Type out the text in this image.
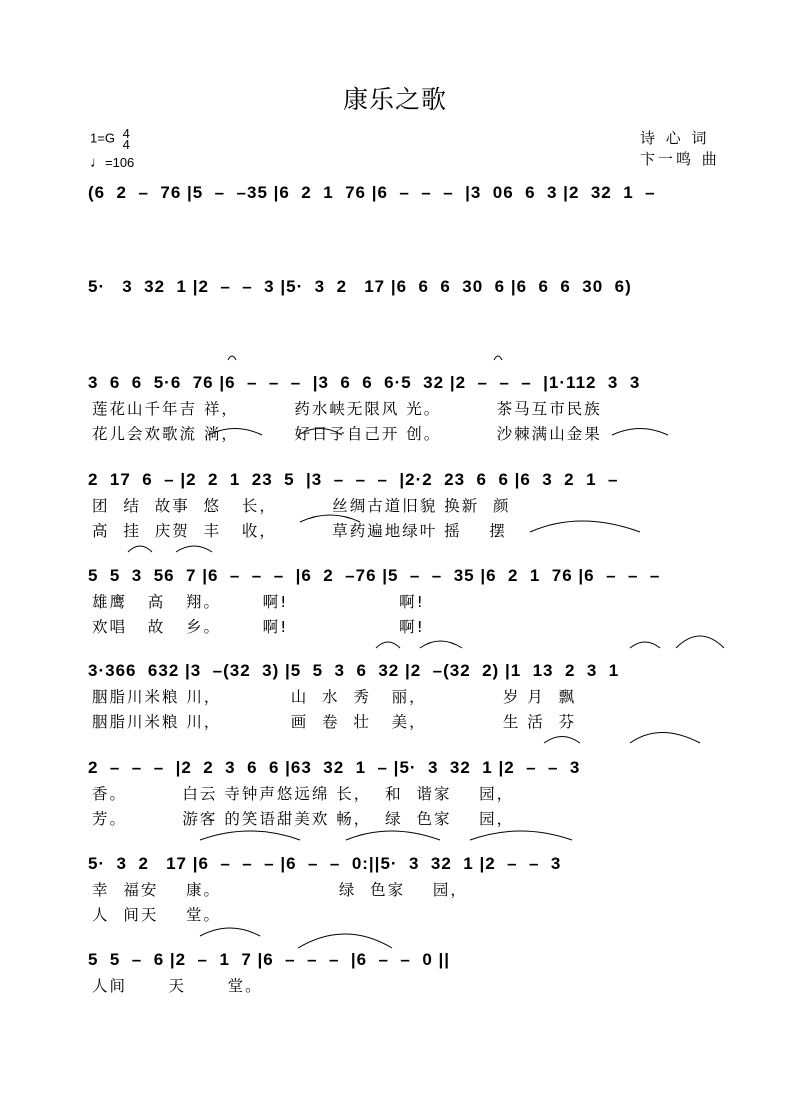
康乐之歌
1=G 4
4
♩=106
诗 心 词
卞一鸣 曲
(6  2  –  76 |5  –  –35 |6  2  1  76 |6  –  –  –  |3  06  6  3 |2  32  1  –
5·   3  32  1 |2  –  –  3 |5·  3  2   17 |6  6  6  30  6 |6  6  6  30  6)
3  6  6  5·6  76 |6  –  –  –  |3  6  6  6·5  32 |2  –  –  –  |1·112  3  3
莲花山千年吉 祥，        药水峡无限风 光。        茶马互市民族
花儿会欢歌流 淌，        好日子自己开 创。        沙棘满山金果
2  17  6  – |2  2  1  23  5  |3  –  –  –  |2·2  23  6  6 |6  3  2  1  –
团  结  故事  悠   长，        丝绸古道旧貌 换新  颜
高  挂  庆贺  丰   收，        草药遍地绿叶 摇    摆
5  5  3  56  7 |6  –  –  –  |6  2  –76 |5  –  –  35 |6  2  1  76 |6  –  –  –
雄鹰   高   翔。      啊!                啊!
欢唱   故   乡。      啊!                啊!
3·366  632 |3  –(32  3) |5  5  3  6  32 |2  –(32  2) |1  13  2  3  1
胭脂川米粮 川，          山  水  秀   丽，           岁 月  飘
胭脂川米粮 川，          画  卷  壮   美，           生 活  芬
2  –  –  –  |2  2  3  6  6 |63  32  1  – |5·  3  32  1 |2  –  –  3
香。        白云 寺钟声悠远绵 长，  和  谐家    园，
芳。        游客 的笑语甜美欢 畅，  绿  色家    园，
5·  3  2   17 |6  –  –  – |6  –  –  0:||5·  3  32  1 |2  –  –  3
幸  福安    康。                 绿  色家    园，
人  间天    堂。
5  5  –  6 |2  –  1  7 |6  –  –  –  |6  –  –  0 ||
人间      天      堂。
